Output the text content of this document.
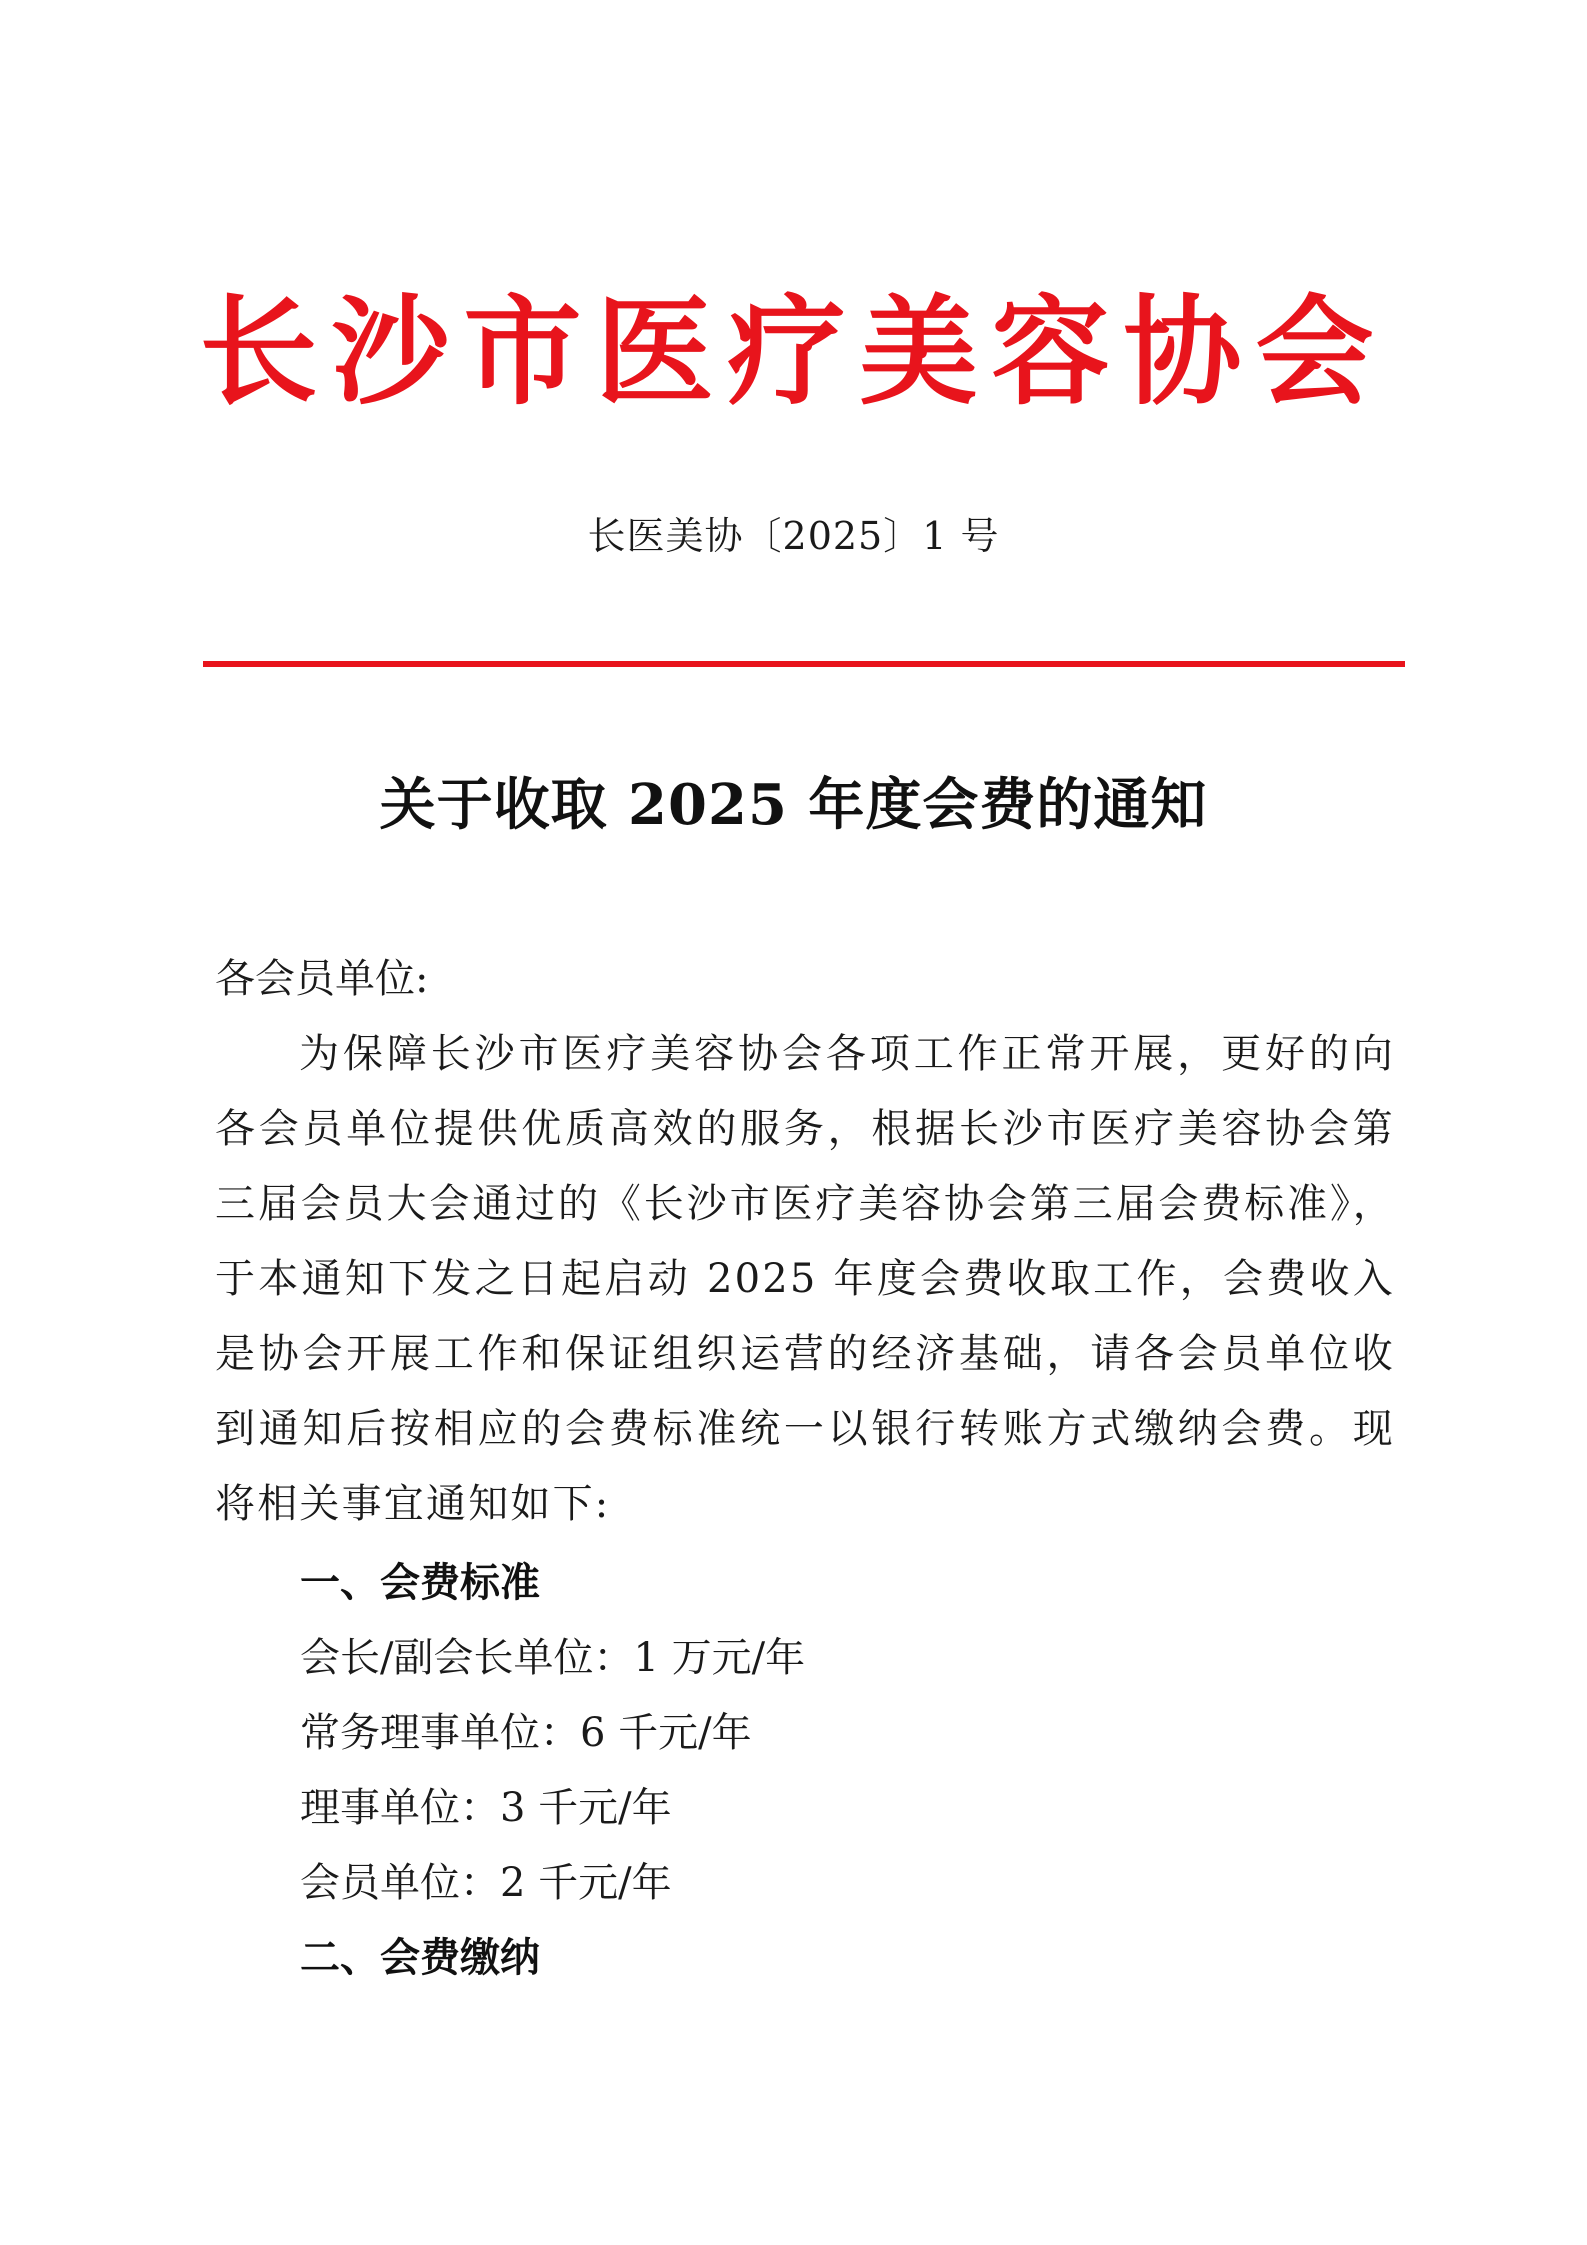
长沙市医疗美容协会
长医美协〔2025〕1 号
关于收取 2025 年度会费的通知
各会员单位:
为保障长沙市医疗美容协会各项工作正常开展，更好的向各会员单位提供优质高效的服务，根据长沙市医疗美容协会第三届会员大会通过的《长沙市医疗美容协会第三届会费标准》，于本通知下发之日起启动 2025 年度会费收取工作，会费收入是协会开展工作和保证组织运营的经济基础，请各会员单位收到通知后按相应的会费标准统一以银行转账方式缴纳会费。现将相关事宜通知如下:
一、会费标准
会长/副会长单位：1 万元/年
常务理事单位：6 千元/年
理事单位：3 千元/年
会员单位：2 千元/年
二、会费缴纳
